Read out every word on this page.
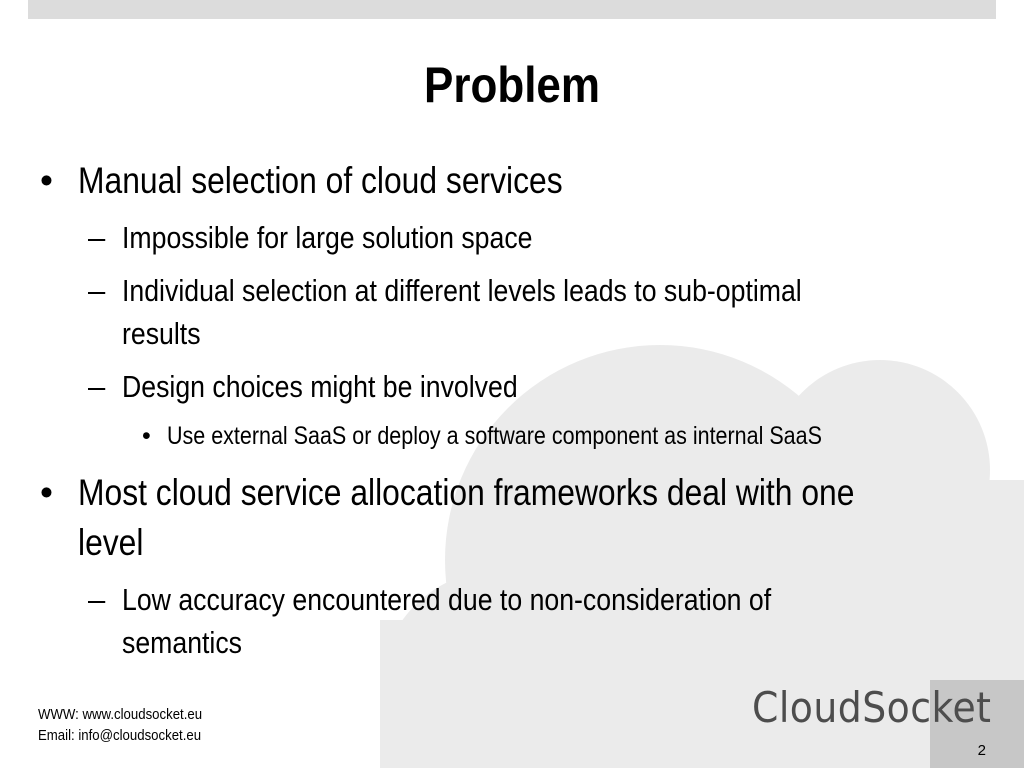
Problem
• Manual selection of cloud services
– Impossible for large solution space
– Individual selection at different levels leads to sub-optimal
results
– Design choices might be involved
• Use external SaaS or deploy a software component as internal SaaS
• Most cloud service allocation frameworks deal with one
level
– Low accuracy encountered due to non-consideration of
semantics
WWW: www.cloudsocket.eu
Email: info@cloudsocket.eu
CloudSocket
2
